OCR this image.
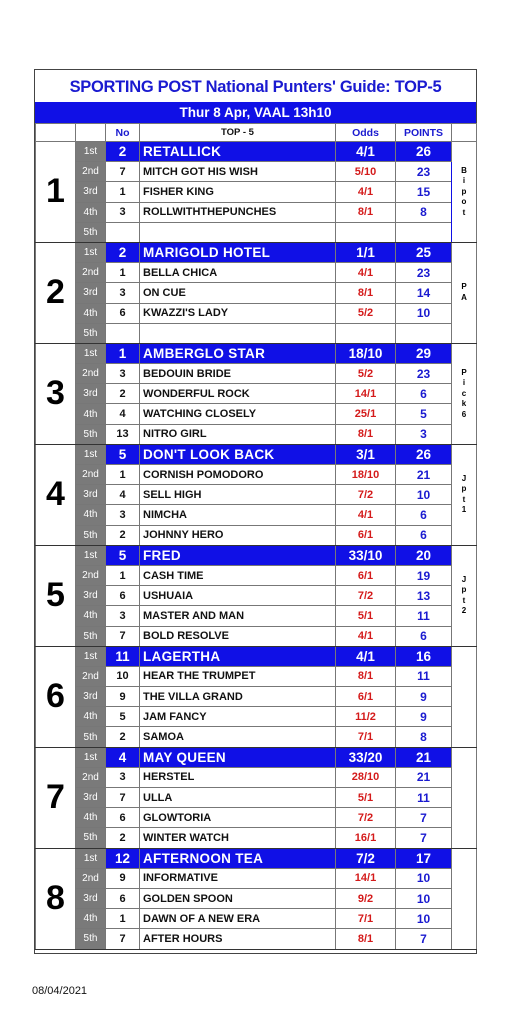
SPORTING POST National Punters' Guide: TOP-5
Thur 8 Apr, VAAL 13h10
		No	TOP - 5	Odds	POINTS	
1	1st	2	RETALLICK	4/1	26	B i p o t
	2nd	7	MITCH GOT HIS WISH	5/10	23	
	3rd	1	FISHER KING	4/1	15	
	4th	3	ROLLWITHTHEPUNCHES	8/1	8	
	5th					
2	1st	2	MARIGOLD HOTEL	1/1	25	P A
	2nd	1	BELLA CHICA	4/1	23	
	3rd	3	ON CUE	8/1	14	
	4th	6	KWAZZI'S LADY	5/2	10	
	5th					
3	1st	1	AMBERGLO STAR	18/10	29	P i c k 6
	2nd	3	BEDOUIN BRIDE	5/2	23	
	3rd	2	WONDERFUL ROCK	14/1	6	
	4th	4	WATCHING CLOSELY	25/1	5	
	5th	13	NITRO GIRL	8/1	3	
4	1st	5	DON'T LOOK BACK	3/1	26	J p t 1
	2nd	1	CORNISH POMODORO	18/10	21	
	3rd	4	SELL HIGH	7/2	10	
	4th	3	NIMCHA	4/1	6	
	5th	2	JOHNNY HERO	6/1	6	
5	1st	5	FRED	33/10	20	J p t 2
	2nd	1	CASH TIME	6/1	19	
	3rd	6	USHUAIA	7/2	13	
	4th	3	MASTER AND MAN	5/1	11	
	5th	7	BOLD RESOLVE	4/1	6	
6	1st	11	LAGERTHA	4/1	16	
	2nd	10	HEAR THE TRUMPET	8/1	11	
	3rd	9	THE VILLA GRAND	6/1	9	
	4th	5	JAM FANCY	11/2	9	
	5th	2	SAMOA	7/1	8	
7	1st	4	MAY QUEEN	33/20	21	
	2nd	3	HERSTEL	28/10	21	
	3rd	7	ULLA	5/1	11	
	4th	6	GLOWTORIA	7/2	7	
	5th	2	WINTER WATCH	16/1	7	
8	1st	12	AFTERNOON TEA	7/2	17	
	2nd	9	INFORMATIVE	14/1	10	
	3rd	6	GOLDEN SPOON	9/2	10	
	4th	1	DAWN OF A NEW ERA	7/1	10	
	5th	7	AFTER HOURS	8/1	7	
08/04/2021
